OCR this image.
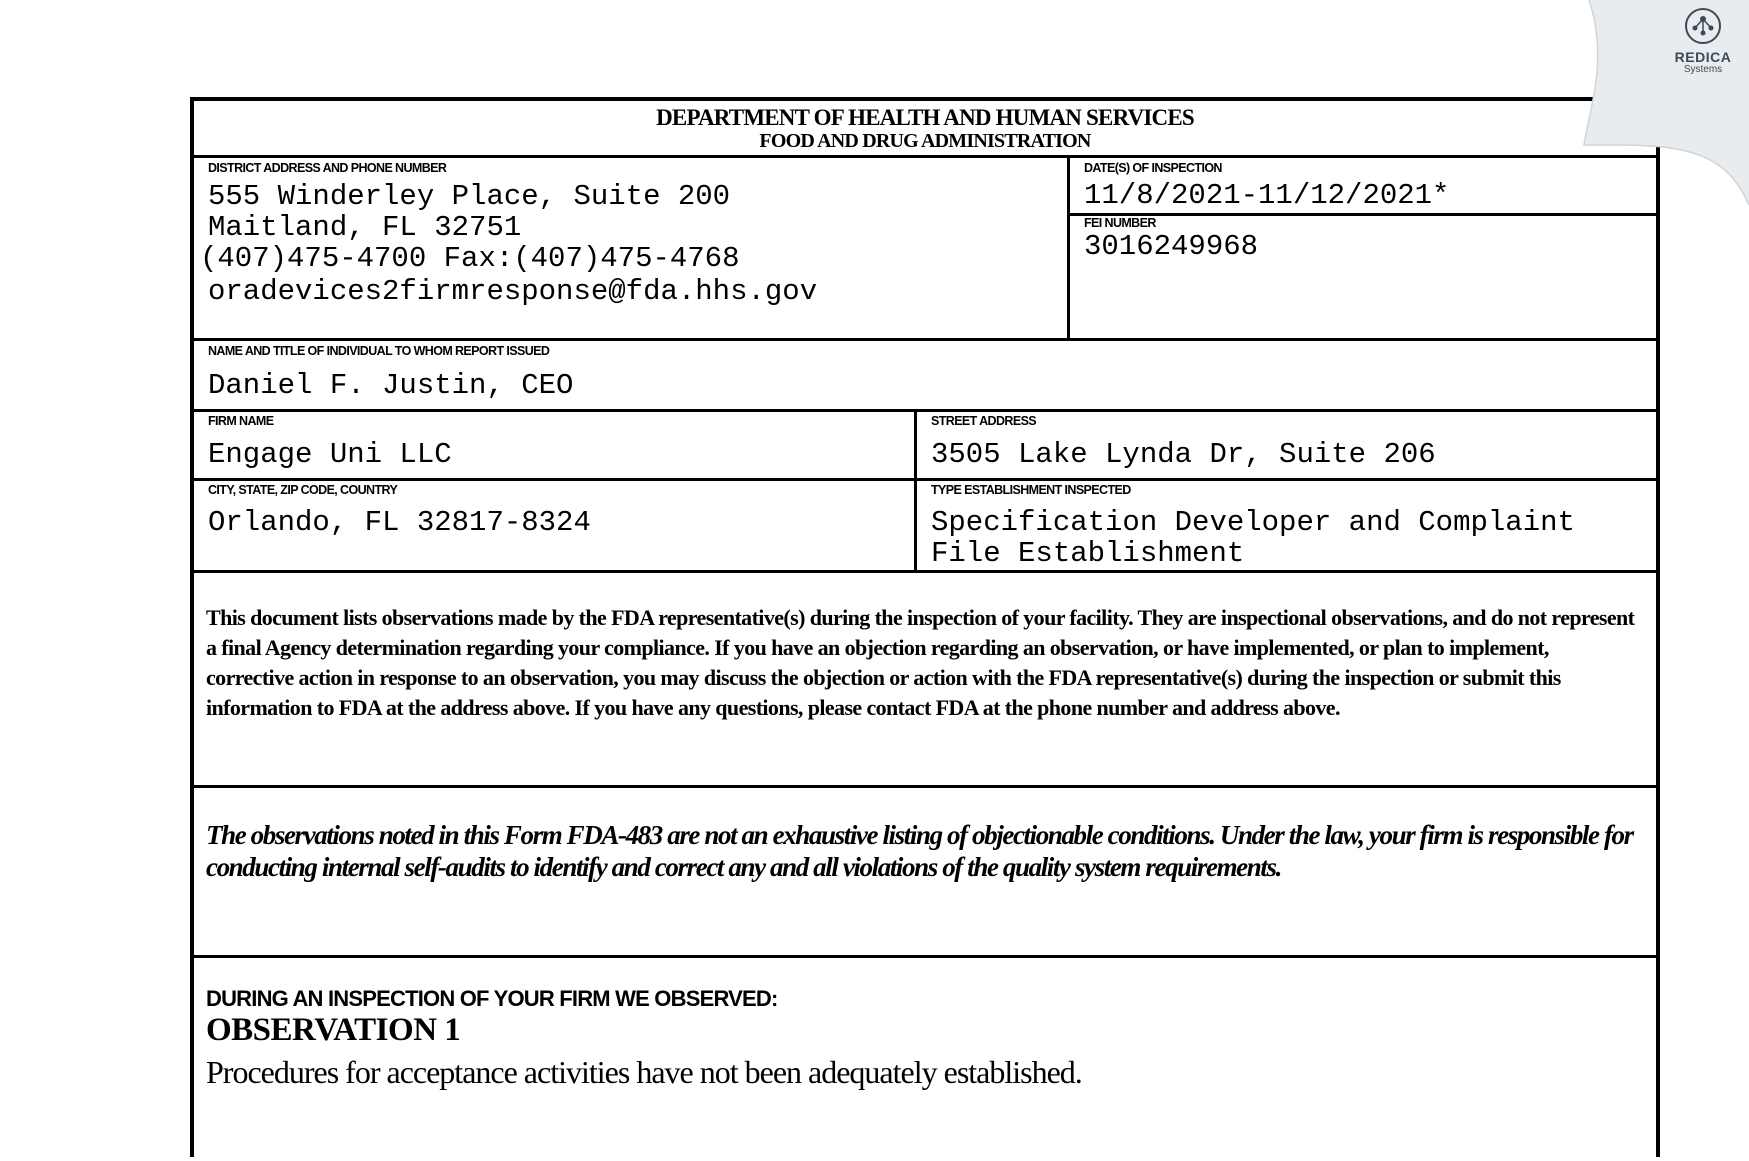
DEPARTMENT OF HEALTH AND HUMAN SERVICES
FOOD AND DRUG ADMINISTRATION
DISTRICT ADDRESS AND PHONE NUMBER
555 Winderley Place, Suite 200
Maitland, FL 32751
(407)475-4700 Fax:(407)475-4768
oradevices2firmresponse@fda.hhs.gov
DATE(S) OF INSPECTION
11/8/2021-11/12/2021*
FEI NUMBER
3016249968
NAME AND TITLE OF INDIVIDUAL TO WHOM REPORT ISSUED
Daniel F. Justin, CEO
FIRM NAME
Engage Uni LLC
STREET ADDRESS
3505 Lake Lynda Dr, Suite 206
CITY, STATE, ZIP CODE, COUNTRY
Orlando, FL 32817-8324
TYPE ESTABLISHMENT INSPECTED
Specification Developer and Complaint
File Establishment
This document lists observations made by the FDA representative(s) during the inspection of your facility. They are inspectional observations, and do not represent a final Agency determination regarding your compliance. If you have an objection regarding an observation, or have implemented, or plan to implement, corrective action in response to an observation, you may discuss the objection or action with the FDA representative(s) during the inspection or submit this information to FDA at the address above. If you have any questions, please contact FDA at the phone number and address above.
The observations noted in this Form FDA-483 are not an exhaustive listing of objectionable conditions. Under the law, your firm is responsible for conducting internal self-audits to identify and correct any and all violations of the quality system requirements.
DURING AN INSPECTION OF YOUR FIRM WE OBSERVED:
OBSERVATION 1
Procedures for acceptance activities have not been adequately established.
REDICA
Systems
